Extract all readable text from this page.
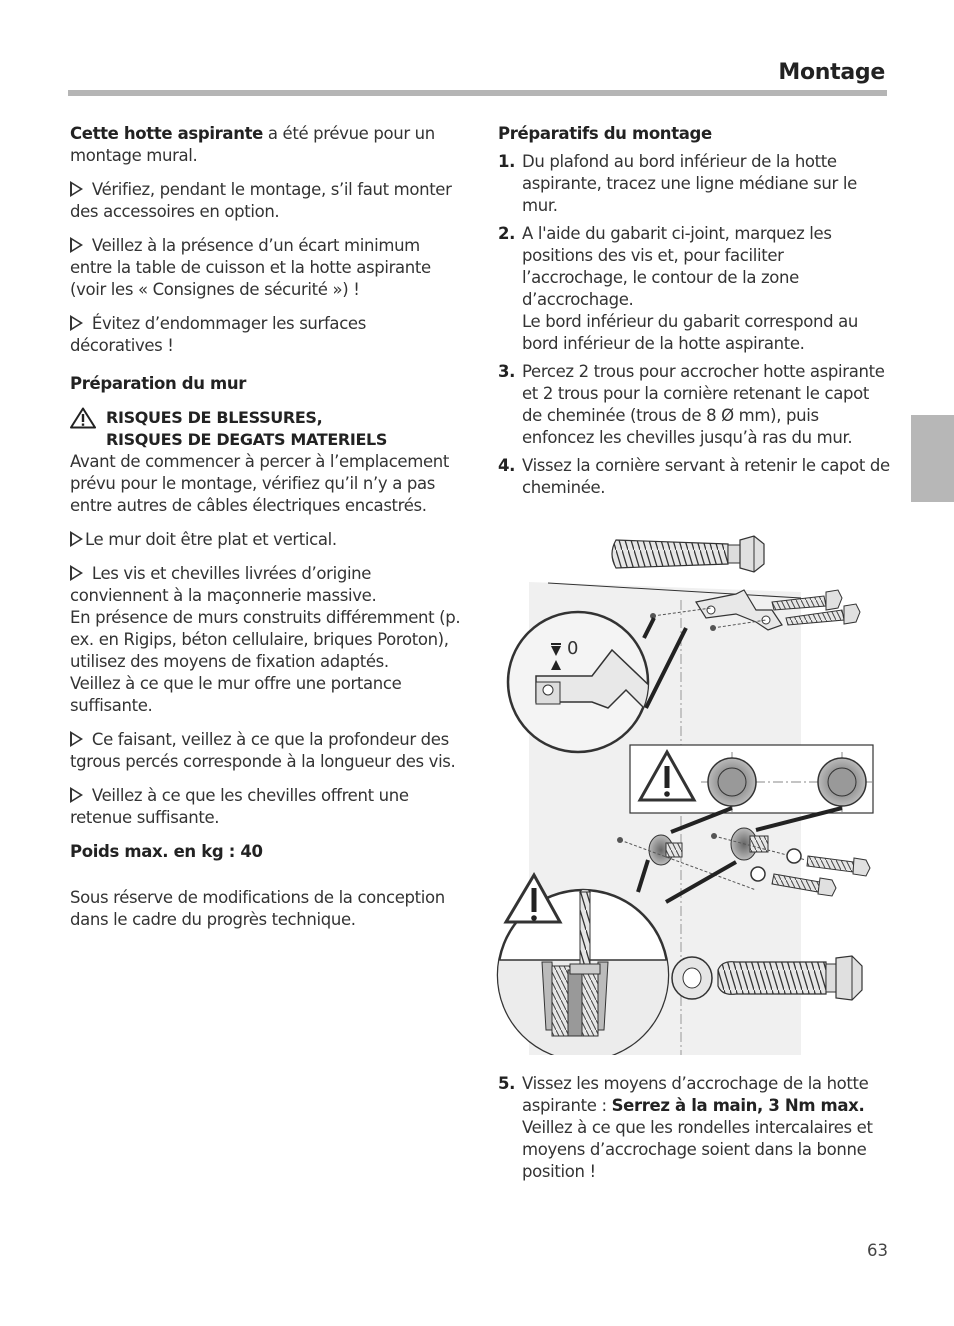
Montage

Cette hotte aspirante a été prévue pour un montage mural.

Vérifiez, pendant le montage, s’il faut monter des accessoires en option.

Veillez à la présence d’un écart minimum entre la table de cuisson et la hotte aspirante (voir les « Consignes de sécurité ») !

Évitez d’endommager les surfaces décoratives !

Préparation du mur
RISQUES DE BLESSURES,
RISQUES DE DEGATS MATERIELS

Avant de commencer à percer à l’emplacement prévu pour le montage, vérifiez qu’il n’y a pas entre autres de câbles électriques encastrés.

Le mur doit être plat et vertical.

Les vis et chevilles livrées d’origine conviennent à la maçonnerie massive.
En présence de murs construits différemment (p. ex. en Rigips, béton cellulaire, briques Poroton), utilisez des moyens de fixation adaptés.
Veillez à ce que le mur offre une portance suffisante.

Ce faisant, veillez à ce que la profondeur des tgrous percés corresponde à la longueur des vis.

Veillez à ce que les chevilles offrent une retenue suffisante.

Poids max. en kg : 40

Sous réserve de modifications de la conception dans le cadre du progrès technique.

Préparatifs du montage
1. Du plafond au bord inférieur de la hotte aspirante, tracez une ligne médiane sur le mur.
2. A l'aide du gabarit ci-joint, marquez les positions des vis et, pour faciliter l’accrochage, le contour de la zone d’accrochage.
Le bord inférieur du gabarit correspond au bord inférieur de la hotte aspirante.
3. Percez 2 trous pour accrocher hotte aspirante et 2 trous pour la cornière retenant le capot de cheminée (trous de 8 Ø mm), puis enfoncez les chevilles jusqu’à ras du mur.
4. Vissez la cornière servant à retenir le capot de cheminée.
0
5. Vissez les moyens d’accrochage de la hotte aspirante : Serrez à la main, 3 Nm max.
Veillez à ce que les rondelles intercalaires et moyens d’accrochage soient dans la bonne position !
63
